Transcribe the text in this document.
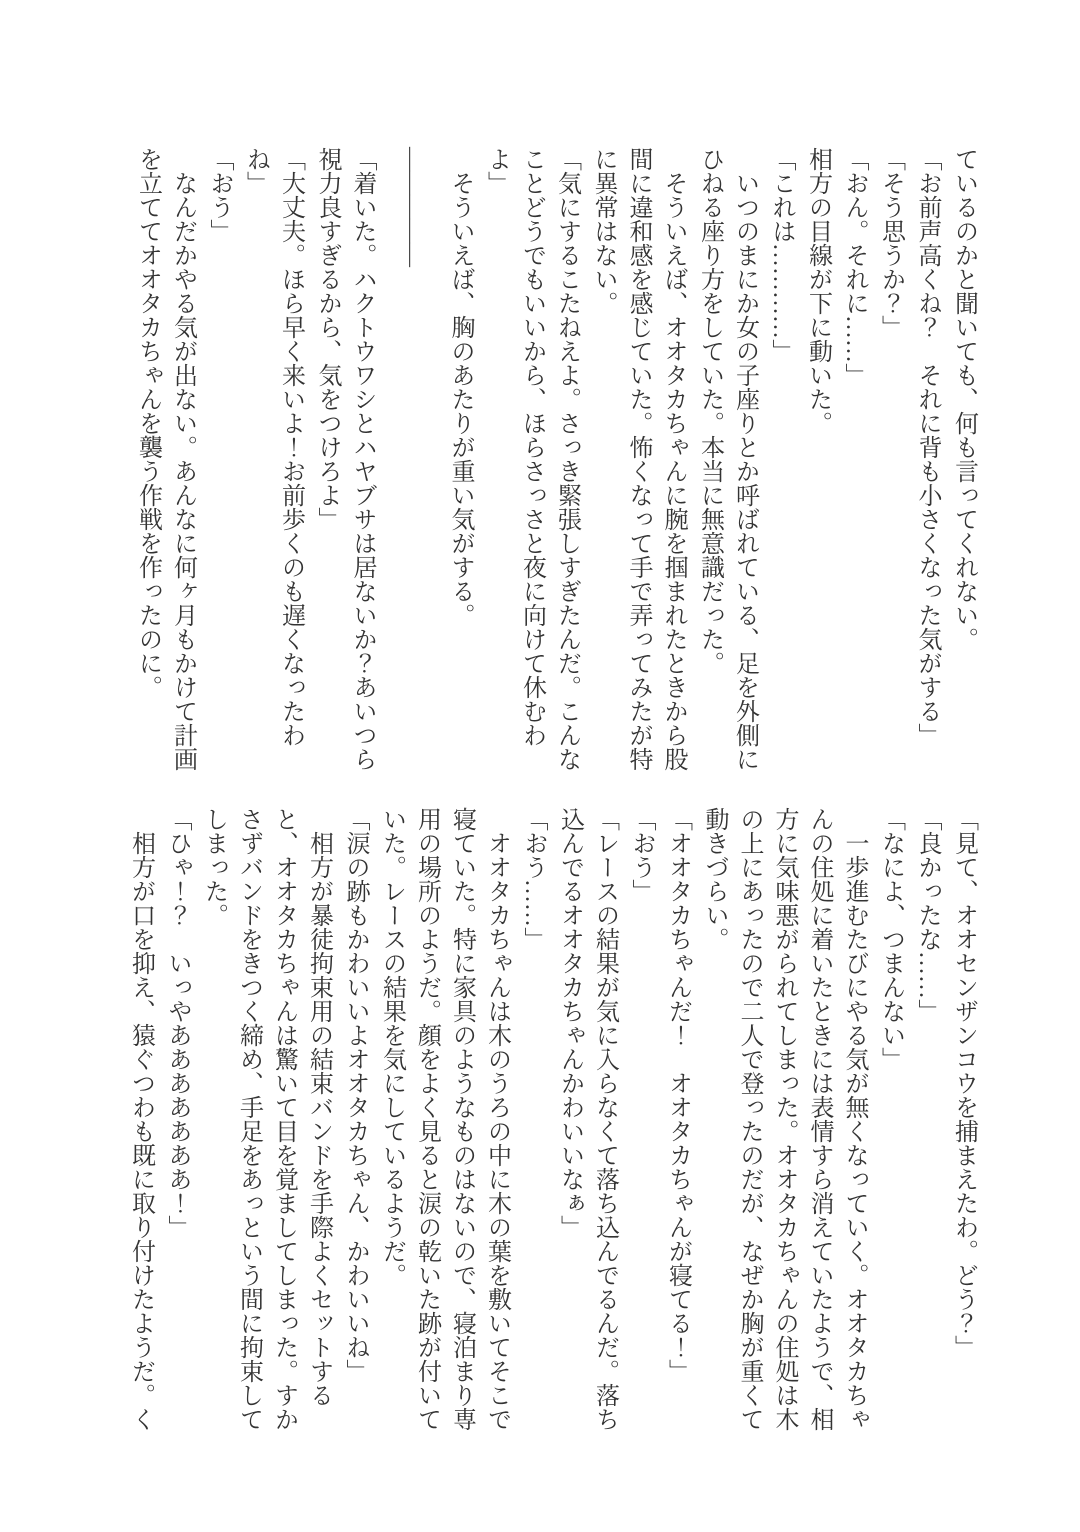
ているのかと聞いても、何も言ってくれない。

「お前声高くね？　それに背も小さくなった気がする」

「そう思うか？」

「おん。それに……」

相方の目線が下に動いた。

「これは…………」

いつのまにか女の子座りとか呼ばれている、足を外側にひねる座り方をしていた。本当に無意識だった。

そういえば、オオタカちゃんに腕を掴まれたときから股間に違和感を感じていた。怖くなって手で弄ってみたが特に異常はない。

「気にするこたねえよ。さっき緊張しすぎたんだ。こんなことどうでもいいから、ほらさっさと夜に向けて休むわよ」

そういえば、胸のあたりが重い気がする。

―――――

「着いた。ハクトウワシとハヤブサは居ないか？あいつら視力良すぎるから、気をつけろよ」

「大丈夫。ほら早く来いよ！お前歩くのも遅くなったわね」

「おう」

なんだかやる気が出ない。あんなに何ヶ月もかけて計画を立ててオオタカちゃんを襲う作戦を作ったのに。

「見て、オオセンザンコウを捕まえたわ。どう？」

「良かったな……」

「なによ、つまんない」

一歩進むたびにやる気が無くなっていく。オオタカちゃんの住処に着いたときには表情すら消えていたようで、相方に気味悪がられてしまった。オオタカちゃんの住処は木の上にあったので二人で登ったのだが、なぜか胸が重くて動きづらい。

「オオタカちゃんだ！　オオタカちゃんが寝てる！」

「おう」

「レースの結果が気に入らなくて落ち込んでるんだ。落ち込んでるオオタカちゃんかわいいなぁ」

「おう……」

オオタカちゃんは木のうろの中に木の葉を敷いてそこで寝ていた。特に家具のようなものはないので、寝泊まり専用の場所のようだ。顔をよく見ると涙の乾いた跡が付いていた。レースの結果を気にしているようだ。

「涙の跡もかわいいよオオタカちゃん、かわいいね」

相方が暴徒拘束用の結束バンドを手際よくセットすると、オオタカちゃんは驚いて目を覚ましてしまった。すかさずバンドをきつく締め、手足をあっという間に拘束してしまった。

「ひゃ！？　いっやあああああああ！」

相方が口を抑え、猿ぐつわも既に取り付けたようだ。く
